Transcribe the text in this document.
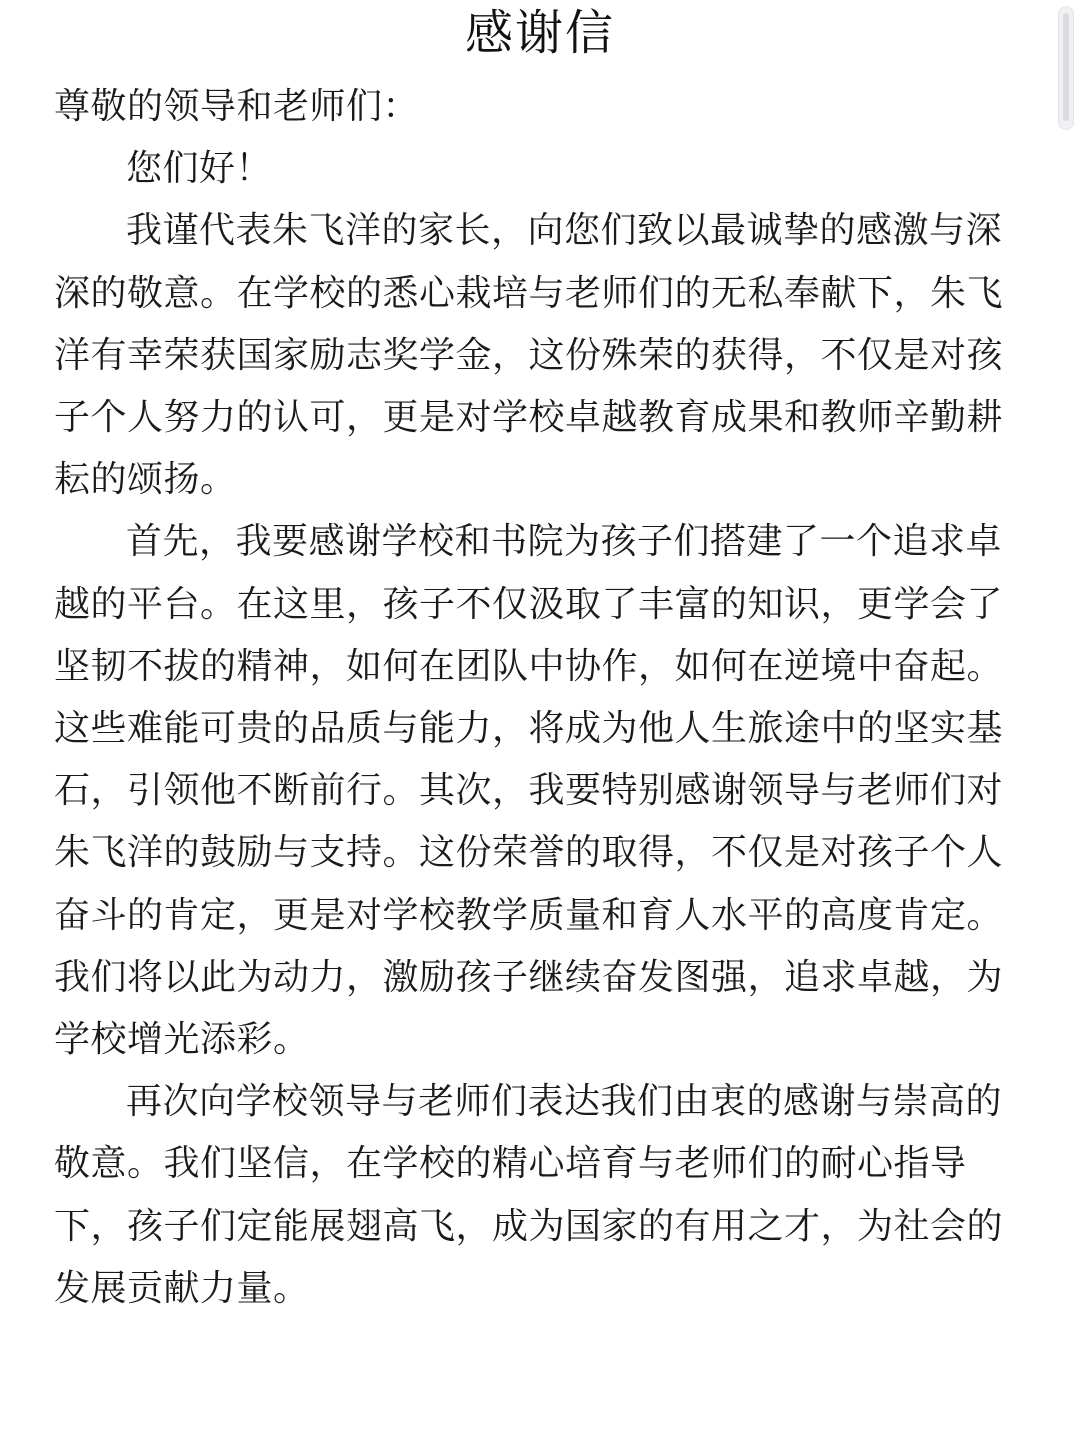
感谢信

尊敬的领导和老师们：

您们好！

我谨代表朱飞洋的家长，向您们致以最诚挚的感激与深深的敬意。在学校的悉心栽培与老师们的无私奉献下，朱飞洋有幸荣获国家励志奖学金，这份殊荣的获得，不仅是对孩子个人努力的认可，更是对学校卓越教育成果和教师辛勤耕耘的颂扬。

首先，我要感谢学校和书院为孩子们搭建了一个追求卓越的平台。在这里，孩子不仅汲取了丰富的知识，更学会了坚韧不拔的精神，如何在团队中协作，如何在逆境中奋起。这些难能可贵的品质与能力，将成为他人生旅途中的坚实基石，引领他不断前行。其次，我要特别感谢领导与老师们对朱飞洋的鼓励与支持。这份荣誉的取得，不仅是对孩子个人奋斗的肯定，更是对学校教学质量和育人水平的高度肯定。我们将以此为动力，激励孩子继续奋发图强，追求卓越，为学校增光添彩。

再次向学校领导与老师们表达我们由衷的感谢与崇高的敬意。我们坚信，在学校的精心培育与老师们的耐心指导下，孩子们定能展翅高飞，成为国家的有用之才，为社会的发展贡献力量。
